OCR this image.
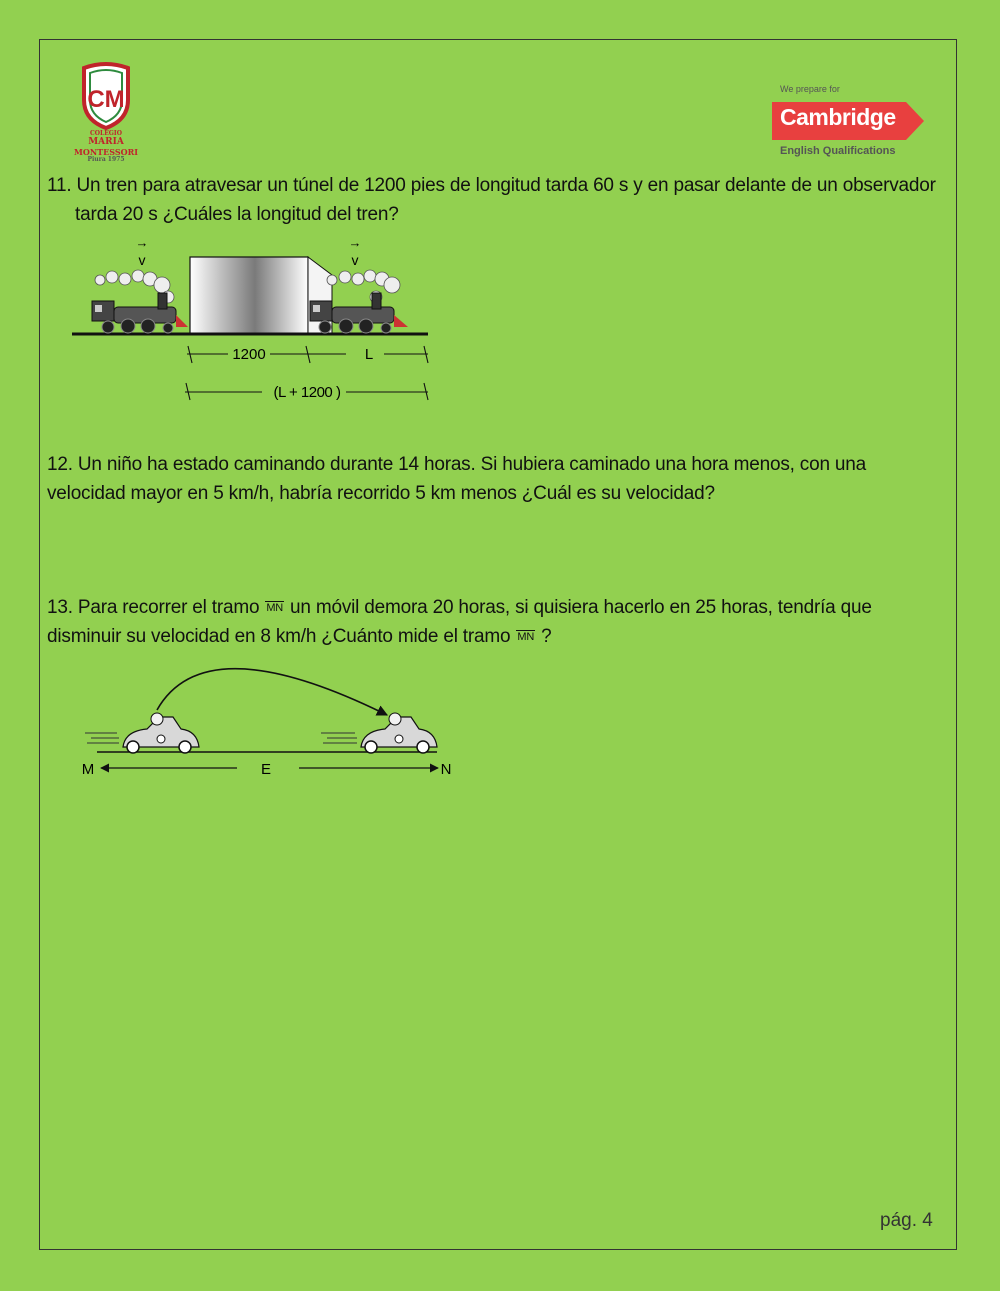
CM
COLEGIO
MARIA
MONTESSORI
Piura 1975
We prepare for
Cambridge
English Qualifications
11. Un tren para atravesar un túnel de 1200 pies de longitud tarda 60 s y en pasar delante de un observador
tarda 20 s ¿Cuáles la longitud del tren?
→
v
→
v
1200	L
(L + 1200 )
12. Un niño ha estado caminando durante 14 horas. Si hubiera caminado una hora menos, con una
velocidad mayor en 5 km/h, habría recorrido 5 km menos ¿Cuál es su velocidad?
13. Para recorrer el tramo MN un móvil demora 20 horas, si quisiera hacerlo en 25 horas, tendría que
disminuir su velocidad en 8 km/h ¿Cuánto mide el tramo MN ?
M	E	N
pág. 4
